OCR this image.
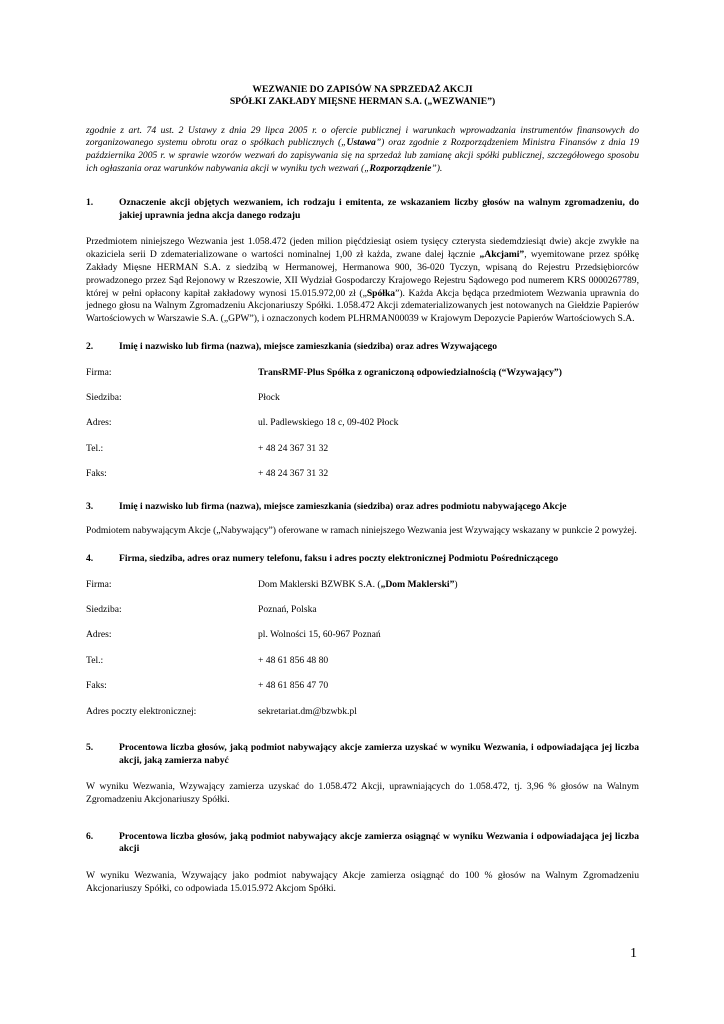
WEZWANIE DO ZAPISÓW NA SPRZEDAŻ AKCJI
SPÓŁKI ZAKŁADY MIĘSNE HERMAN S.A. („WEZWANIE”)

zgodnie z art. 74 ust. 2 Ustawy z dnia 29 lipca 2005 r. o ofercie publicznej i warunkach wprowadzania instrumentów finansowych do zorganizowanego systemu obrotu oraz o spółkach publicznych („Ustawa”) oraz zgodnie z Rozporządzeniem Ministra Finansów z dnia 19 października 2005 r. w sprawie wzorów wezwań do zapisywania się na sprzedaż lub zamianę akcji spółki publicznej, szczegółowego sposobu ich ogłaszania oraz warunków nabywania akcji w wyniku tych wezwań („Rozporządzenie”).

1.	Oznaczenie akcji objętych wezwaniem, ich rodzaju i emitenta, ze wskazaniem liczby głosów na walnym zgromadzeniu, do jakiej uprawnia jedna akcja danego rodzaju

Przedmiotem niniejszego Wezwania jest 1.058.472 (jeden milion pięćdziesiąt osiem tysięcy czterysta siedemdziesiąt dwie) akcje zwykłe na okaziciela serii D zdematerializowane o wartości nominalnej 1,00 zł każda, zwane dalej łącznie „Akcjami”, wyemitowane przez spółkę Zakłady Mięsne HERMAN S.A. z siedzibą w Hermanowej, Hermanowa 900, 36-020 Tyczyn, wpisaną do Rejestru Przedsiębiorców prowadzonego przez Sąd Rejonowy w Rzeszowie, XII Wydział Gospodarczy Krajowego Rejestru Sądowego pod numerem KRS 0000267789, której w pełni opłacony kapitał zakładowy wynosi 15.015.972,00 zł („Spółka”). Każda Akcja będąca przedmiotem Wezwania uprawnia do jednego głosu na Walnym Zgromadzeniu Akcjonariuszy Spółki. 1.058.472 Akcji zdematerializowanych jest notowanych na Giełdzie Papierów Wartościowych w Warszawie S.A. („GPW”), i oznaczonych kodem PLHRMAN00039 w Krajowym Depozycie Papierów Wartościowych S.A.

2.	Imię i nazwisko lub firma (nazwa), miejsce zamieszkania (siedziba) oraz adres Wzywającego
Firma:	TransRMF-Plus Spółka z ograniczoną odpowiedzialnością (“Wzywający”)
Siedziba:	Płock
Adres:	ul. Padlewskiego 18 c, 09-402 Płock
Tel.:	+ 48 24 367 31 32
Faks:	+ 48 24 367 31 32
3.	Imię i nazwisko lub firma (nazwa), miejsce zamieszkania (siedziba) oraz adres podmiotu nabywającego Akcje

Podmiotem nabywającym Akcje („Nabywający”) oferowane w ramach niniejszego Wezwania jest Wzywający wskazany w punkcie 2 powyżej.

4.	Firma, siedziba, adres oraz numery telefonu, faksu i adres poczty elektronicznej Podmiotu Pośredniczącego
Firma:	Dom Maklerski BZWBK S.A. („Dom Maklerski”)
Siedziba:	Poznań, Polska
Adres:	pl. Wolności 15, 60-967 Poznań
Tel.:	+ 48 61 856 48 80
Faks:	+ 48 61 856 47 70
Adres poczty elektronicznej:	sekretariat.dm@bzwbk.pl
5.	Procentowa liczba głosów, jaką podmiot nabywający akcje zamierza uzyskać w wyniku Wezwania, i odpowiadająca jej liczba akcji, jaką zamierza nabyć

W wyniku Wezwania, Wzywający zamierza uzyskać do 1.058.472 Akcji, uprawniających do 1.058.472, tj. 3,96 % głosów na Walnym Zgromadzeniu Akcjonariuszy Spółki.

6.	Procentowa liczba głosów, jaką podmiot nabywający akcje zamierza osiągnąć w wyniku Wezwania i odpowiadająca jej liczba akcji

W wyniku Wezwania, Wzywający jako podmiot nabywający Akcje zamierza osiągnąć do 100 % głosów na Walnym Zgromadzeniu Akcjonariuszy Spółki, co odpowiada 15.015.972 Akcjom Spółki.

1
